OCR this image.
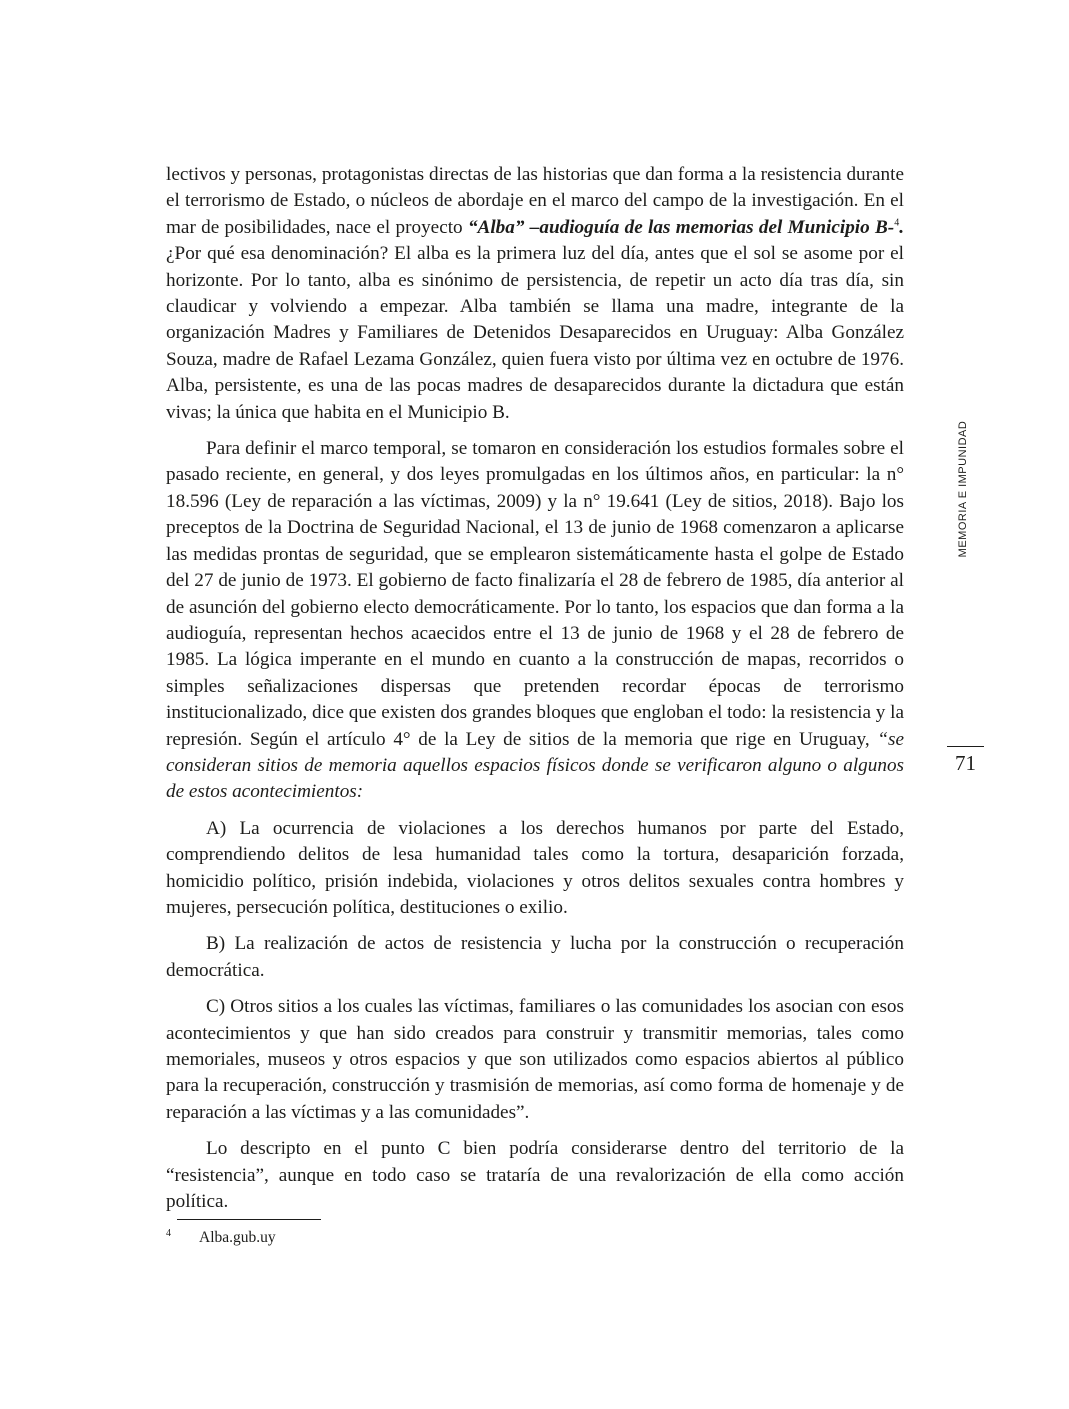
lectivos y personas, protagonistas directas de las historias que dan forma a la resistencia durante el terrorismo de Estado, o núcleos de abordaje en el marco del campo de la investigación. En el mar de posibilidades, nace el proyecto “Alba” –audioguía de las memorias del Municipio B-$^4$. ¿Por qué esa denominación? El alba es la primera luz del día, antes que el sol se asome por el horizonte. Por lo tanto, alba es sinónimo de persistencia, de repetir un acto día tras día, sin claudicar y volviendo a empezar. Alba también se llama una madre, integrante de la organización Madres y Familiares de Detenidos Desaparecidos en Uruguay: Alba González Souza, madre de Rafael Lezama González, quien fuera visto por última vez en octubre de 1976. Alba, persistente, es una de las pocas madres de desaparecidos durante la dictadura que están vivas; la única que habita en el Municipio B.

Para definir el marco temporal, se tomaron en consideración los estudios formales sobre el pasado reciente, en general, y dos leyes promulgadas en los últimos años, en particular: la n° 18.596 (Ley de reparación a las víctimas, 2009) y la n° 19.641 (Ley de sitios, 2018). Bajo los preceptos de la Doctrina de Seguridad Nacional, el 13 de junio de 1968 comenzaron a aplicarse las medidas prontas de seguridad, que se emplearon sistemáticamente hasta el golpe de Estado del 27 de junio de 1973. El gobierno de facto finalizaría el 28 de febrero de 1985, día anterior al de asunción del gobierno electo democráticamente. Por lo tanto, los espacios que dan forma a la audioguía, representan hechos acaecidos entre el 13 de junio de 1968 y el 28 de febrero de 1985. La lógica imperante en el mundo en cuanto a la construcción de mapas, recorridos o simples señalizaciones dispersas que pretenden recordar épocas de terrorismo institucionalizado, dice que existen dos grandes bloques que engloban el todo: la resistencia y la represión. Según el artículo 4° de la Ley de sitios de la memoria que rige en Uruguay, “se consideran sitios de memoria aquellos espacios físicos donde se verificaron alguno o algunos de estos acontecimientos:

A) La ocurrencia de violaciones a los derechos humanos por parte del Estado, comprendiendo delitos de lesa humanidad tales como la tortura, desaparición forzada, homicidio político, prisión indebida, violaciones y otros delitos sexuales contra hombres y mujeres, persecución política, destituciones o exilio.

B) La realización de actos de resistencia y lucha por la construcción o recuperación democrática.

C) Otros sitios a los cuales las víctimas, familiares o las comunidades los asocian con esos acontecimientos y que han sido creados para construir y transmitir memorias, tales como memoriales, museos y otros espacios y que son utilizados como espacios abiertos al público para la recuperación, construcción y trasmisión de memorias, así como forma de homenaje y de reparación a las víctimas y a las comunidades”.

Lo descripto en el punto C bien podría considerarse dentro del territorio de la “resistencia”, aunque en todo caso se trataría de una revalorización de ella como acción política.

MEMORIA E IMPUNIDAD
71
4 Alba.gub.uy
